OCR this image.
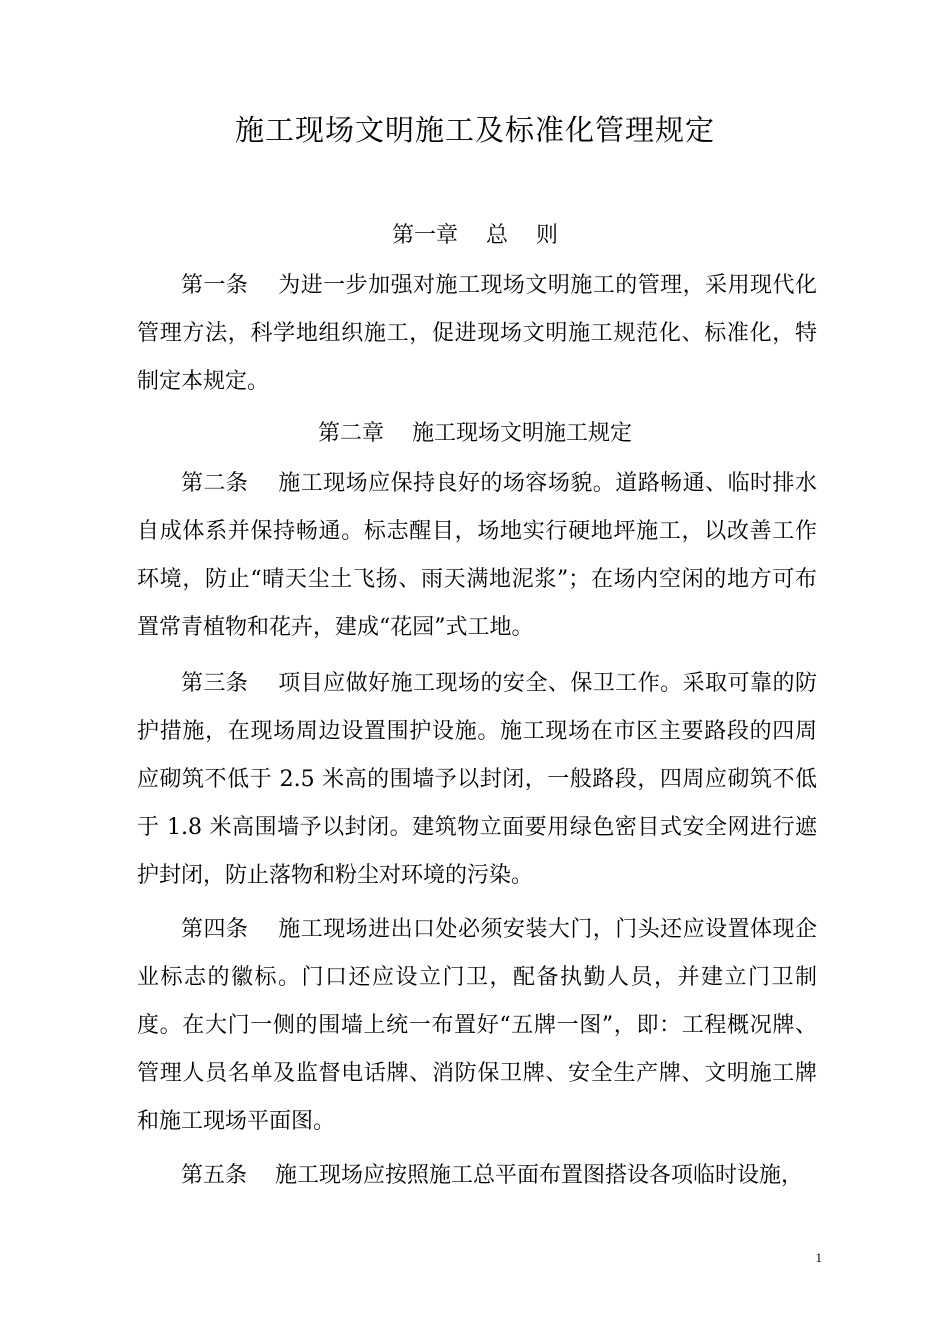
施工现场文明施工及标准化管理规定
第一章    总    则

第一条    为进一步加强对施工现场文明施工的管理，采用现代化管理方法，科学地组织施工，促进现场文明施工规范化、标准化，特制定本规定。

第二章    施工现场文明施工规定

第二条    施工现场应保持良好的场容场貌。道路畅通、临时排水自成体系并保持畅通。标志醒目，场地实行硬地坪施工，以改善工作环境，防止“晴天尘土飞扬、雨天满地泥浆”；在场内空闲的地方可布置常青植物和花卉，建成“花园”式工地。

第三条    项目应做好施工现场的安全、保卫工作。采取可靠的防护措施，在现场周边设置围护设施。施工现场在市区主要路段的四周应砌筑不低于 2.5 米高的围墙予以封闭，一般路段，四周应砌筑不低于 1.8 米高围墙予以封闭。建筑物立面要用绿色密目式安全网进行遮护封闭，防止落物和粉尘对环境的污染。

第四条    施工现场进出口处必须安装大门，门头还应设置体现企业标志的徽标。门口还应设立门卫，配备执勤人员，并建立门卫制度。在大门一侧的围墙上统一布置好“五牌一图”，即：工程概况牌、管理人员名单及监督电话牌、消防保卫牌、安全生产牌、文明施工牌和施工现场平面图。

第五条    施工现场应按照施工总平面布置图搭设各项临时设施，

1
